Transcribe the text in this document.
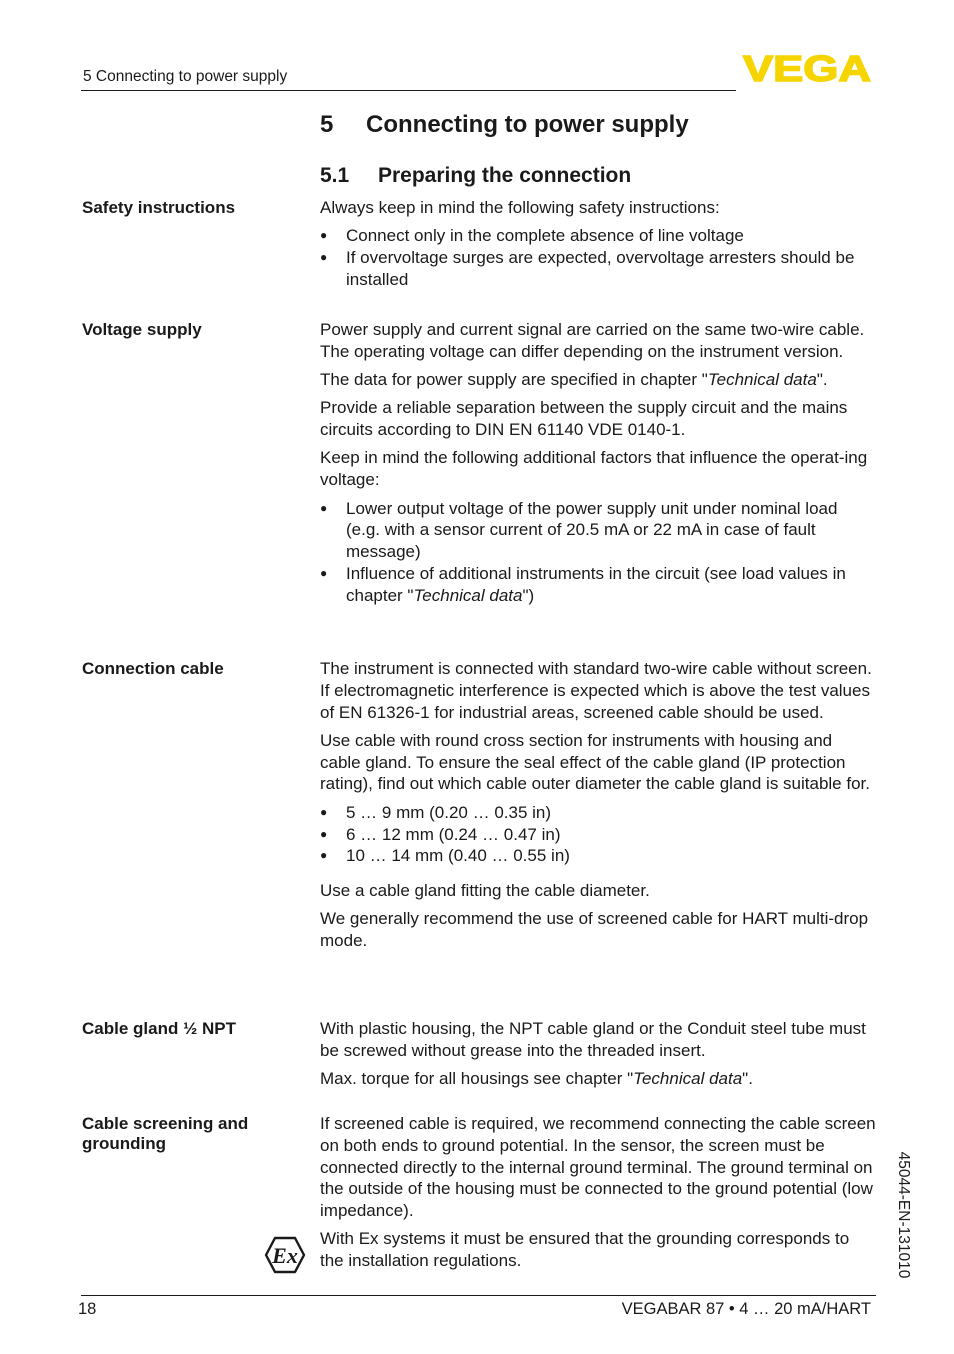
5 Connecting to power supply	VEGA
5 Connecting to power supply
5.1 Preparing the connection
Safety instructions	Always keep in mind the following safety instructions:

● Connect only in the complete absence of line voltage
● If overvoltage surges are expected, overvoltage arresters should be installed
Voltage supply	Power supply and current signal are carried on the same two-wire cable. The operating voltage can differ depending on the instrument version.

The data for power supply are specified in chapter "Technical data".

Provide a reliable separation between the supply circuit and the mains circuits according to DIN EN 61140 VDE 0140-1.

Keep in mind the following additional factors that influence the operat-ing voltage:

● Lower output voltage of the power supply unit under nominal load (e.g. with a sensor current of 20.5 mA or 22 mA in case of fault message)
● Influence of additional instruments in the circuit (see load values in chapter "Technical data")
Connection cable	The instrument is connected with standard two-wire cable without screen. If electromagnetic interference is expected which is above the test values of EN 61326-1 for industrial areas, screened cable should be used.

Use cable with round cross section for instruments with housing and cable gland. To ensure the seal effect of the cable gland (IP protection rating), find out which cable outer diameter the cable gland is suitable for.

● 5 … 9 mm (0.20 … 0.35 in)
● 6 … 12 mm (0.24 … 0.47 in)
● 10 … 14 mm (0.40 … 0.55 in)

Use a cable gland fitting the cable diameter.

We generally recommend the use of screened cable for HART multi-drop mode.

Cable gland ½ NPT	With plastic housing, the NPT cable gland or the Conduit steel tube must be screwed without grease into the threaded insert.

Max. torque for all housings see chapter "Technical data".

Cable screening and grounding

If screened cable is required, we recommend connecting the cable screen on both ends to ground potential. In the sensor, the screen must be connected directly to the internal ground terminal. The ground terminal on the outside of the housing must be connected to the ground potential (low impedance).

With Ex systems it must be ensured that the grounding corresponds to the installation regulations.

Ex
18	VEGABAR 87 • 4 … 20 mA/HART
45044-EN-131010
